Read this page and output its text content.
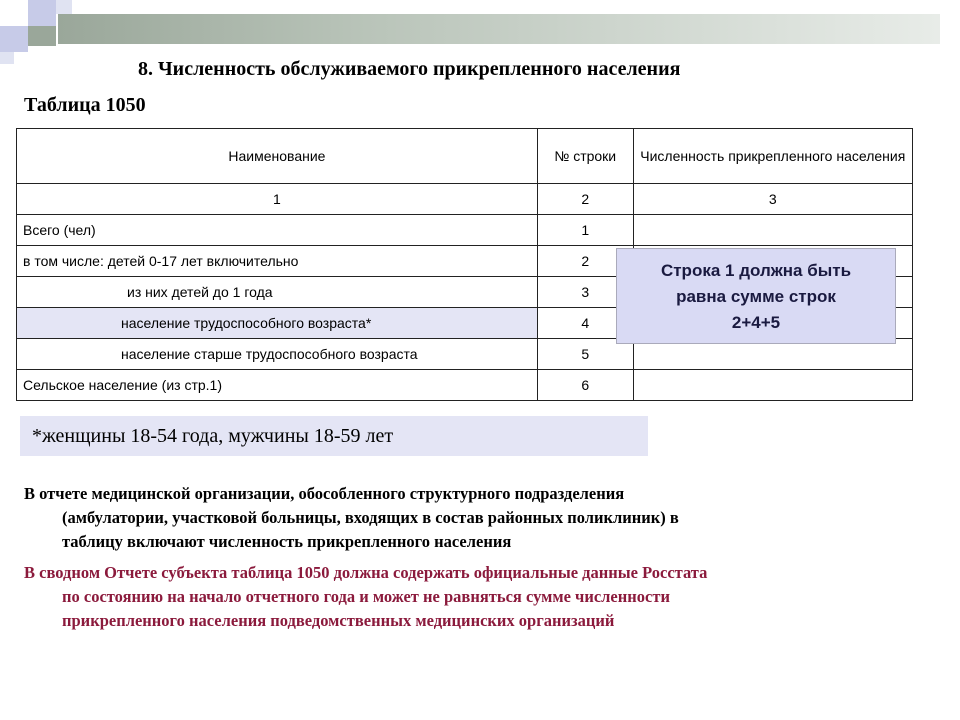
8. Численность обслуживаемого прикрепленного населения
Таблица 1050
Наименование	№ строки	Численность прикрепленного населения
1	2	3
Всего (чел)	1	
в том числе: детей 0-17 лет включительно	2	
из них детей до 1 года	3	
население трудоспособного возраста*	4	
население старше трудоспособного возраста	5	
Сельское население (из стр.1)	6	
Строка 1 должна быть
равна сумме строк
2+4+5
*женщины 18-54 года, мужчины 18-59 лет
В отчете медицинской организации, обособленного структурного подразделения
(амбулатории, участковой больницы, входящих в состав районных поликлиник) в
таблицу включают численность прикрепленного населения
В сводном Отчете субъекта таблица 1050 должна содержать официальные данные Росстата
по состоянию на начало отчетного года и может не равняться сумме численности
прикрепленного населения подведомственных медицинских организаций
